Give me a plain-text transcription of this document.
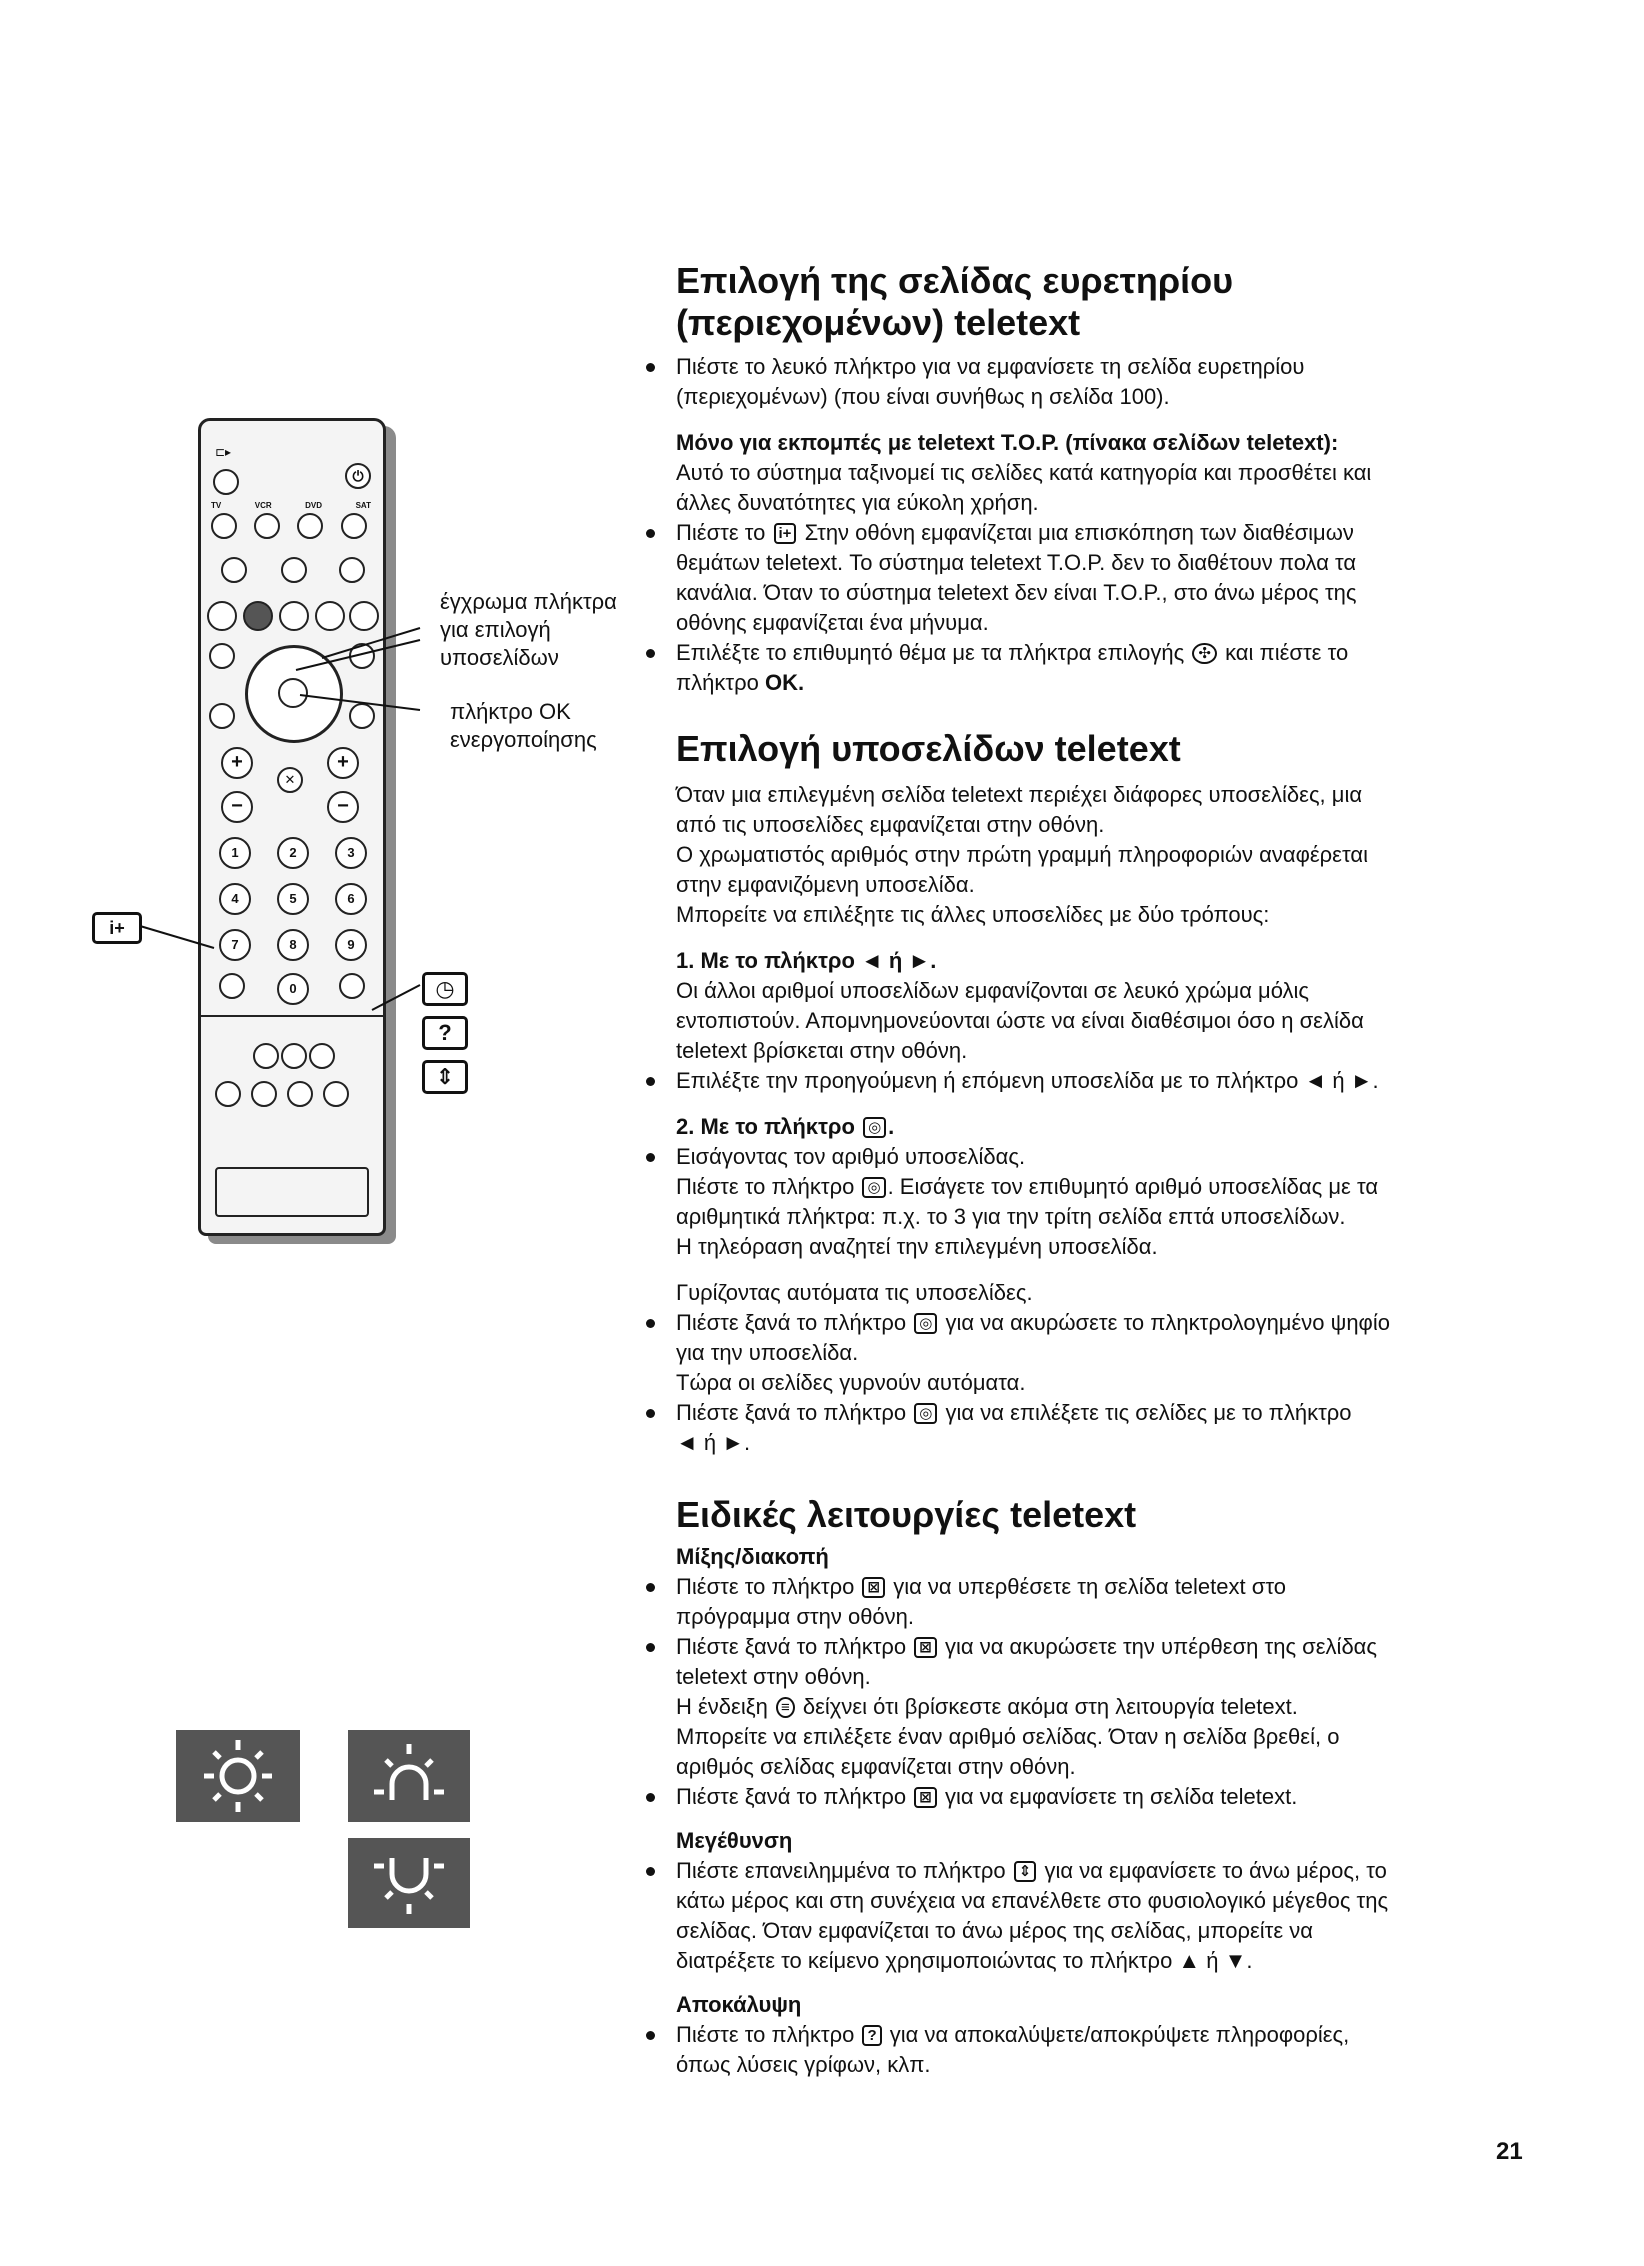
⊏▸
⏻
TV	VCR	DVD	SAT
+
−
✕
+
−
1	2	3
4	5	6
7	8	9
0
έγχρωμα πλήκτρα
για επιλογή
υποσελίδων
πλήκτρο OK
ενεργοποίησης
i+
◷
?
⇕
Επιλογή της σελίδας ευρετηρίου
(περιεχομένων) teletext

Πιέστε το λευκό πλήκτρο για να εμφανίσετε τη σελίδα ευρετηρίου

(περιεχομένων) (που είναι συνήθως η σελίδα 100).

Μόνο για εκπομπές με teletext T.O.P. (πίνακα σελίδων teletext):

Αυτό το σύστημα ταξινομεί τις σελίδες κατά κατηγορία και προσθέτει και

άλλες δυνατότητες για εύκολη χρήση.

Πιέστε το i+ Στην οθόνη εμφανίζεται μια επισκόπηση των διαθέσιμων

θεμάτων teletext. Το σύστημα teletext T.O.P. δεν το διαθέτουν πολα τα

κανάλια. Όταν το σύστημα teletext δεν είναι T.O.P., στο άνω μέρος της

οθόνης εμφανίζεται ένα μήνυμα.

Επιλέξτε το επιθυμητό θέμα με τα πλήκτρα επιλογής ✣ και πιέστε το

πλήκτρο OK.

Επιλογή υποσελίδων teletext

Όταν μια επιλεγμένη σελίδα teletext περιέχει διάφορες υποσελίδες, μια

από τις υποσελίδες εμφανίζεται στην οθόνη.

Ο χρωματιστός αριθμός στην πρώτη γραμμή πληροφοριών αναφέρεται

στην εμφανιζόμενη υποσελίδα.

Μπορείτε να επιλέξητε τις άλλες υποσελίδες με δύο τρόπους:

1. Με το πλήκτρο ◄ ή ►.

Οι άλλοι αριθμοί υποσελίδων εμφανίζονται σε λευκό χρώμα μόλις

εντοπιστούν. Απομνημονεύονται ώστε να είναι διαθέσιμοι όσο η σελίδα

teletext βρίσκεται στην οθόνη.

Επιλέξτε την προηγούμενη ή επόμενη υποσελίδα με το πλήκτρο ◄ ή ►.

2. Με το πλήκτρο ◎ .

Εισάγοντας τον αριθμό υποσελίδας.

Πιέστε το πλήκτρο ◎ . Εισάγετε τον επιθυμητό αριθμό υποσελίδας με τα

αριθμητικά πλήκτρα: π.χ. το 3 για την τρίτη σελίδα επτά υποσελίδων.

Η τηλεόραση αναζητεί την επιλεγμένη υποσελίδα.

Γυρίζοντας αυτόματα τις υποσελίδες.

Πιέστε ξανά το πλήκτρο ◎ για να ακυρώσετε το πληκτρολογημένο ψηφίο

για την υποσελίδα.

Τώρα οι σελίδες γυρνούν αυτόματα.

Πιέστε ξανά το πλήκτρο ◎ για να επιλέξετε τις σελίδες με το πλήκτρο

◄ ή ►.

Ειδικές λειτουργίες teletext

Μίξης/διακοπή

Πιέστε το πλήκτρο ⊠ για να υπερθέσετε τη σελίδα teletext στο

πρόγραμμα στην οθόνη.

Πιέστε ξανά το πλήκτρο ⊠ για να ακυρώσετε την υπέρθεση της σελίδας

teletext στην οθόνη.

Η ένδειξη ≡ δείχνει ότι βρίσκεστε ακόμα στη λειτουργία teletext.

Μπορείτε να επιλέξετε έναν αριθμό σελίδας. Όταν η σελίδα βρεθεί, ο

αριθμός σελίδας εμφανίζεται στην οθόνη.

Πιέστε ξανά το πλήκτρο ⊠ για να εμφανίσετε τη σελίδα teletext.

Μεγέθυνση

Πιέστε επανειλημμένα το πλήκτρο ⇕ για να εμφανίσετε το άνω μέρος, το

κάτω μέρος και στη συνέχεια να επανέλθετε στο φυσιολογικό μέγεθος της

σελίδας. Όταν εμφανίζεται το άνω μέρος της σελίδας, μπορείτε να

διατρέξετε το κείμενο χρησιμοποιώντας το πλήκτρο ▲ ή ▼.

Αποκάλυψη

Πιέστε το πλήκτρο ? για να αποκαλύψετε/αποκρύψετε πληροφορίες,

όπως λύσεις γρίφων, κλπ.

21
